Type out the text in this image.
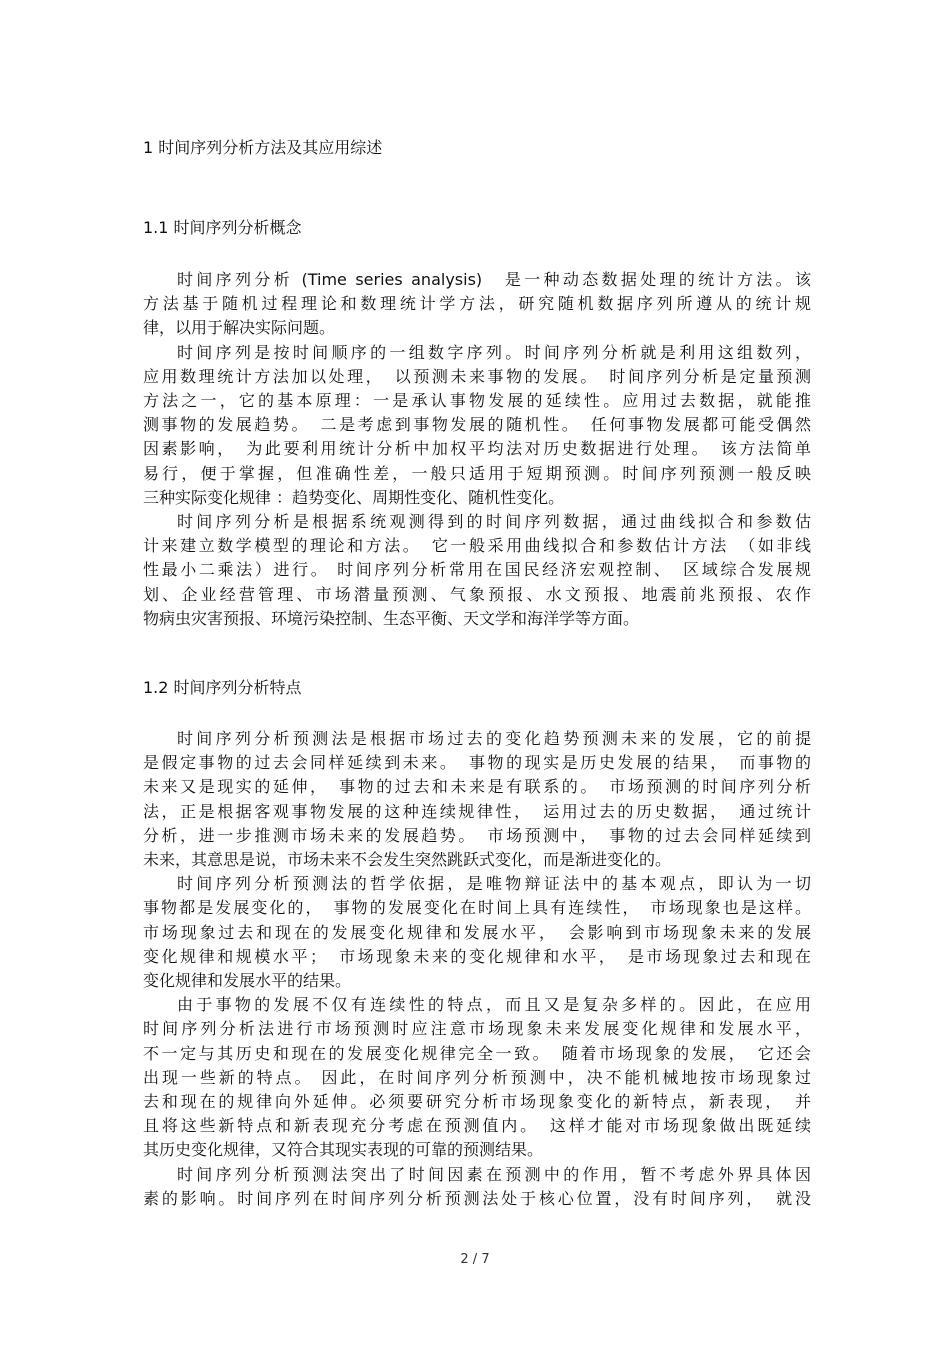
1 时间序列分析方法及其应用综述
1.1 时间序列分析概念
时间序列分析 (Time series analysis)　是一种动态数据处理的统计方法。该
方法基于随机过程理论和数理统计学方法，研究随机数据序列所遵从的统计规
律，以用于解决实际问题。
时间序列是按时间顺序的一组数字序列。时间序列分析就是利用这组数列，
应用数理统计方法加以处理，　以预测未来事物的发展。　时间序列分析是定量预测
方法之一，它的基本原理：一是承认事物发展的延续性。应用过去数据，就能推
测事物的发展趋势。　二是考虑到事物发展的随机性。　任何事物发展都可能受偶然
因素影响，　为此要利用统计分析中加权平均法对历史数据进行处理。　该方法简单
易行，便于掌握，但准确性差，一般只适用于短期预测。时间序列预测一般反映
三种实际变化规律 ：趋势变化、周期性变化、随机性变化。
时间序列分析是根据系统观测得到的时间序列数据，通过曲线拟合和参数估
计来建立数学模型的理论和方法。　它一般采用曲线拟合和参数估计方法　（如非线
性最小二乘法）进行。 时间序列分析常用在国民经济宏观控制、　区域综合发展规
划、企业经营管理、市场潜量预测、气象预报、水文预报、地震前兆预报、农作
物病虫灾害预报、环境污染控制、生态平衡、天文学和海洋学等方面。
1.2 时间序列分析特点
时间序列分析预测法是根据市场过去的变化趋势预测未来的发展，它的前提
是假定事物的过去会同样延续到未来。　事物的现实是历史发展的结果，　而事物的
未来又是现实的延伸，　事物的过去和未来是有联系的。　市场预测的时间序列分析
法，正是根据客观事物发展的这种连续规律性，　运用过去的历史数据，　通过统计
分析，进一步推测市场未来的发展趋势。　市场预测中，　事物的过去会同样延续到
未来，其意思是说，市场未来不会发生突然跳跃式变化，而是渐进变化的。
时间序列分析预测法的哲学依据，是唯物辩证法中的基本观点，即认为一切
事物都是发展变化的，　事物的发展变化在时间上具有连续性，　市场现象也是这样。
市场现象过去和现在的发展变化规律和发展水平，　会影响到市场现象未来的发展
变化规律和规模水平；　市场现象未来的变化规律和水平，　是市场现象过去和现在
变化规律和发展水平的结果。
由于事物的发展不仅有连续性的特点，而且又是复杂多样的。因此，在应用
时间序列分析法进行市场预测时应注意市场现象未来发展变化规律和发展水平，
不一定与其历史和现在的发展变化规律完全一致。　随着市场现象的发展，　它还会
出现一些新的特点。 因此，在时间序列分析预测中，决不能机械地按市场现象过
去和现在的规律向外延伸。必须要研究分析市场现象变化的新特点，新表现，　并
且将这些新特点和新表现充分考虑在预测值内。　这样才能对市场现象做出既延续
其历史变化规律，又符合其现实表现的可靠的预测结果。
时间序列分析预测法突出了时间因素在预测中的作用，暂不考虑外界具体因
素的影响。时间序列在时间序列分析预测法处于核心位置，没有时间序列，　就没
2 / 7
